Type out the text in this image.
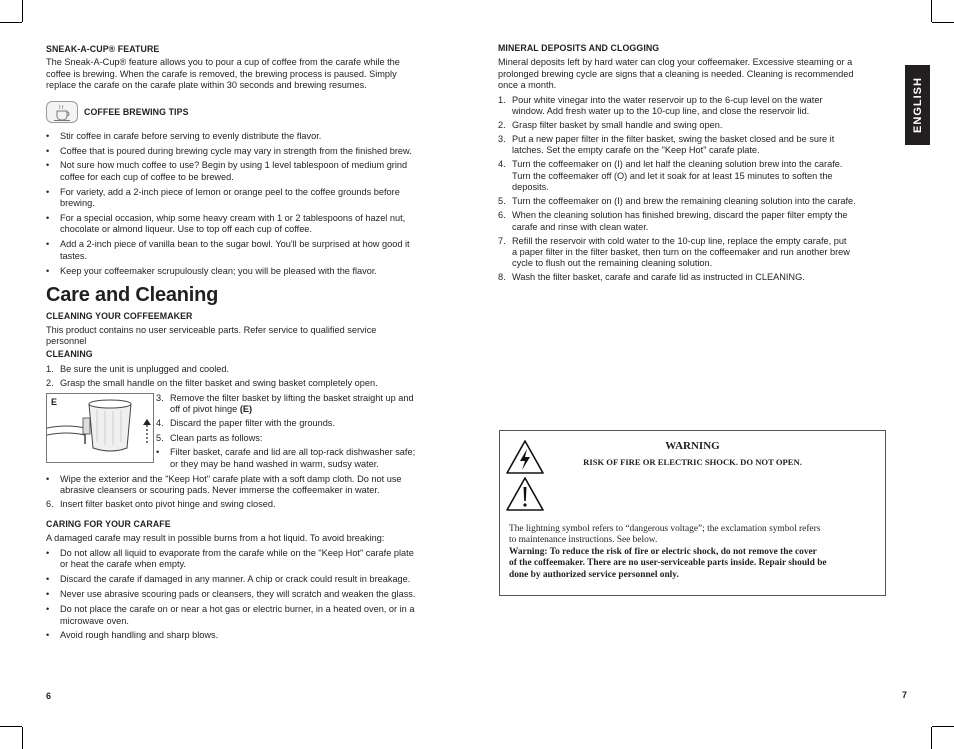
SNEAK-A-CUP® FEATURE

The Sneak-A-Cup® feature allows you to pour a cup of coffee from the carafe while the
coffee is brewing. When the carafe is removed, the brewing process is paused. Simply
replace the carafe on the carafe plate within 30 seconds and brewing resumes.

COFFEE BREWING TIPS

• Stir coffee in carafe before serving to evenly distribute the flavor.
• Coffee that is poured during brewing cycle may vary in strength from the finished brew.
• Not sure how much coffee to use? Begin by using 1 level tablespoon of medium grind
coffee for each cup of coffee to be brewed.
• For variety, add a 2-inch piece of lemon or orange peel to the coffee grounds before
brewing.
• For a special occasion, whip some heavy cream with 1 or 2 tablespoons of hazel nut,
chocolate or almond liqueur. Use to top off each cup of coffee.
• Add a 2-inch piece of vanilla bean to the sugar bowl. You'll be surprised at how good it
tastes.
• Keep your coffeemaker scrupulously clean; you will be pleased with the flavor.
Care and Cleaning

CLEANING YOUR COFFEEMAKER

This product contains no user serviceable parts. Refer service to qualified service
personnel

CLEANING

1. Be sure the unit is unplugged and cooled.
2. Grasp the small handle on the filter basket and swing basket completely open.
3. Remove the filter basket by lifting the basket straight up and
off of pivot hinge (E)
4. Discard the paper filter with the grounds.
5. Clean parts as follows:
• Filter basket, carafe and lid are all top-rack dishwasher safe;
or they may be hand washed in warm, sudsy water.
• Wipe the exterior and the "Keep Hot" carafe plate with a soft damp cloth. Do not use
abrasive cleansers or scouring pads. Never immerse the coffeemaker in water.
6. Insert filter basket onto pivot hinge and swing closed.

CARING FOR YOUR CARAFE

A damaged carafe may result in possible burns from a hot liquid. To avoid breaking:

• Do not allow all liquid to evaporate from the carafe while on the "Keep Hot" carafe plate
or heat the carafe when empty.
• Discard the carafe if damaged in any manner. A chip or crack could result in breakage.
• Never use abrasive scouring pads or cleansers, they will scratch and weaken the glass.
• Do not place the carafe on or near a hot gas or electric burner, in a heated oven, or in a
microwave oven.
• Avoid rough handling and sharp blows.
E

MINERAL DEPOSITS AND CLOGGING

Mineral deposits left by hard water can clog your coffeemaker. Excessive steaming or a
prolonged brewing cycle are signs that a cleaning is needed. Cleaning is recommended
once a month.
1. Pour white vinegar into the water reservoir up to the 6-cup level on the water
window. Add fresh water up to the 10-cup line, and close the reservoir lid.
2. Grasp filter basket by small handle and swing open.
3. Put a new paper filter in the filter basket, swing the basket closed and be sure it
latches. Set the empty carafe on the "Keep Hot" carafe plate.
4. Turn the coffeemaker on (I) and let half the cleaning solution brew into the carafe.
Turn the coffeemaker off (O) and let it soak for at least 15 minutes to soften the
deposits.
5. Turn the coffeemaker on (I) and brew the remaining cleaning solution into the carafe.
6. When the cleaning solution has finished brewing, discard the paper filter empty the
carafe and rinse with clean water.
7. Refill the reservoir with cold water to the 10-cup line, replace the empty carafe, put
a paper filter in the filter basket, then turn on the coffeemaker and run another brew
cycle to flush out the remaining cleaning solution.
8. Wash the filter basket, carafe and carafe lid as instructed in CLEANING.
ENGLISH
WARNING
RISK OF FIRE OR ELECTRIC SHOCK. DO NOT OPEN.
The lightning symbol refers to “dangerous voltage”; the exclamation symbol refers
to maintenance instructions. See below.
Warning: To reduce the risk of fire or electric shock, do not remove the cover
of the coffeemaker. There are no user-serviceable parts inside. Repair should be
done by authorized service personnel only.
6	7
